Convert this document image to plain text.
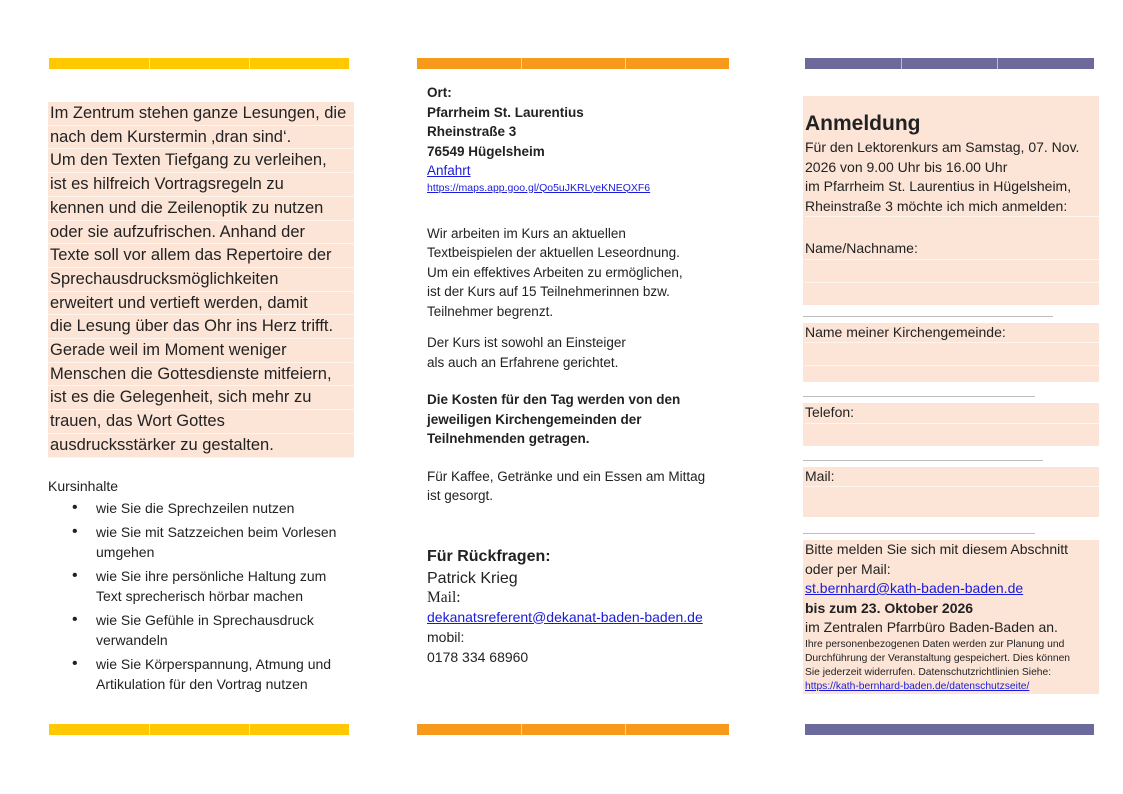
Im Zentrum stehen ganze Lesungen, die
nach dem Kurstermin ‚dran sind‘.
Um den Texten Tiefgang zu verleihen,
ist es hilfreich Vortragsregeln zu
kennen und die Zeilenoptik zu nutzen
oder sie aufzufrischen. Anhand der
Texte soll vor allem das Repertoire der
Sprechausdrucksmöglichkeiten
erweitert und vertieft werden, damit
die Lesung über das Ohr ins Herz trifft.
Gerade weil im Moment weniger
Menschen die Gottesdienste mitfeiern,
ist es die Gelegenheit, sich mehr zu
trauen, das Wort Gottes
ausdrucksstärker zu gestalten.
Kursinhalte
• wie Sie die Sprechzeilen nutzen
• wie Sie mit Satzzeichen beim Vorlesen umgehen
• wie Sie ihre persönliche Haltung zum Text sprecherisch hörbar machen
• wie Sie Gefühle in Sprechausdruck verwandeln
• wie Sie Körperspannung, Atmung und Artikulation für den Vortrag nutzen
Ort:
Pfarrheim St. Laurentius
Rheinstraße 3
76549 Hügelsheim
Anfahrt
https://maps.app.goo.gl/Qo5uJKRLyeKNEQXF6
Wir arbeiten im Kurs an aktuellen
Textbeispielen der aktuellen Leseordnung.
Um ein effektives Arbeiten zu ermöglichen,
ist der Kurs auf 15 Teilnehmerinnen bzw.
Teilnehmer begrenzt.
Der Kurs ist sowohl an Einsteiger
als auch an Erfahrene gerichtet.
Die Kosten für den Tag werden von den
jeweiligen Kirchengemeinden der
Teilnehmenden getragen.
Für Kaffee, Getränke und ein Essen am Mittag
ist gesorgt.
Für Rückfragen:
Patrick Krieg
Mail:
dekanatsreferent@dekanat-baden-baden.de
mobil:
0178 334 68960
Anmeldung
Für den Lektorenkurs am Samstag, 07. Nov.
2026 von 9.00 Uhr bis 16.00 Uhr
im Pfarrheim St. Laurentius in Hügelsheim,
Rheinstraße 3 möchte ich mich anmelden:
Name/Nachname:
Name meiner Kirchengemeinde:
Telefon:
Mail:
Bitte melden Sie sich mit diesem Abschnitt
oder per Mail:
st.bernhard@kath-baden-baden.de
bis zum 23. Oktober 2026
im Zentralen Pfarrbüro Baden-Baden an.
Ihre personenbezogenen Daten werden zur Planung und
Durchführung der Veranstaltung gespeichert. Dies können
Sie jederzeit widerrufen. Datenschutzrichtlinien Siehe:
https://kath-bernhard-baden.de/datenschutzseite/
